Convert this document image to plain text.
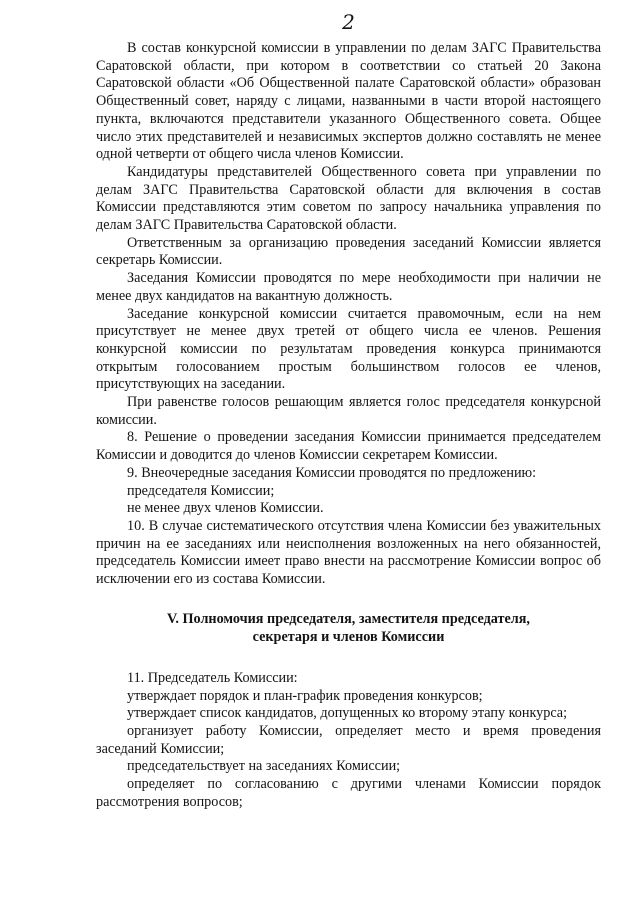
2

В состав конкурсной комиссии в управлении по делам ЗАГС Правительства Саратовской области, при котором в соответствии со статьей 20 Закона Саратовской области «Об Общественной палате Саратовской области» образован Общественный совет, наряду с лицами, названными в части второй настоящего пункта, включаются представители указанного Общественного совета. Общее число этих представителей и независимых экспертов должно составлять не менее одной четверти от общего числа членов Комиссии.

Кандидатуры представителей Общественного совета при управлении по делам ЗАГС Правительства Саратовской области для включения в состав Комиссии представляются этим советом по запросу начальника управления по делам ЗАГС Правительства Саратовской области.

Ответственным за организацию проведения заседаний Комиссии является секретарь Комиссии.

Заседания Комиссии проводятся по мере необходимости при наличии не менее двух кандидатов на вакантную должность.

Заседание конкурсной комиссии считается правомочным, если на нем присутствует не менее двух третей от общего числа ее членов. Решения конкурсной комиссии по результатам проведения конкурса принимаются открытым голосованием простым большинством голосов ее членов, присутствующих на заседании.

При равенстве голосов решающим является голос председателя конкурсной комиссии.

8. Решение о проведении заседания Комиссии принимается председателем Комиссии и доводится до членов Комиссии секретарем Комиссии.

9. Внеочередные заседания Комиссии проводятся по предложению:

председателя Комиссии;

не менее двух членов Комиссии.

10. В случае систематического отсутствия члена Комиссии без уважительных причин на ее заседаниях или неисполнения возложенных на него обязанностей, председатель Комиссии имеет право внести на рассмотрение Комиссии вопрос об исключении его из состава Комиссии.

V. Полномочия председателя, заместителя председателя,
секретаря и членов Комиссии

11. Председатель Комиссии:

утверждает порядок и план-график проведения конкурсов;

утверждает список кандидатов, допущенных ко второму этапу конкурса;

организует работу Комиссии, определяет место и время проведения заседаний Комиссии;

председательствует на заседаниях Комиссии;

определяет по согласованию с другими членами Комиссии порядок рассмотрения вопросов;
